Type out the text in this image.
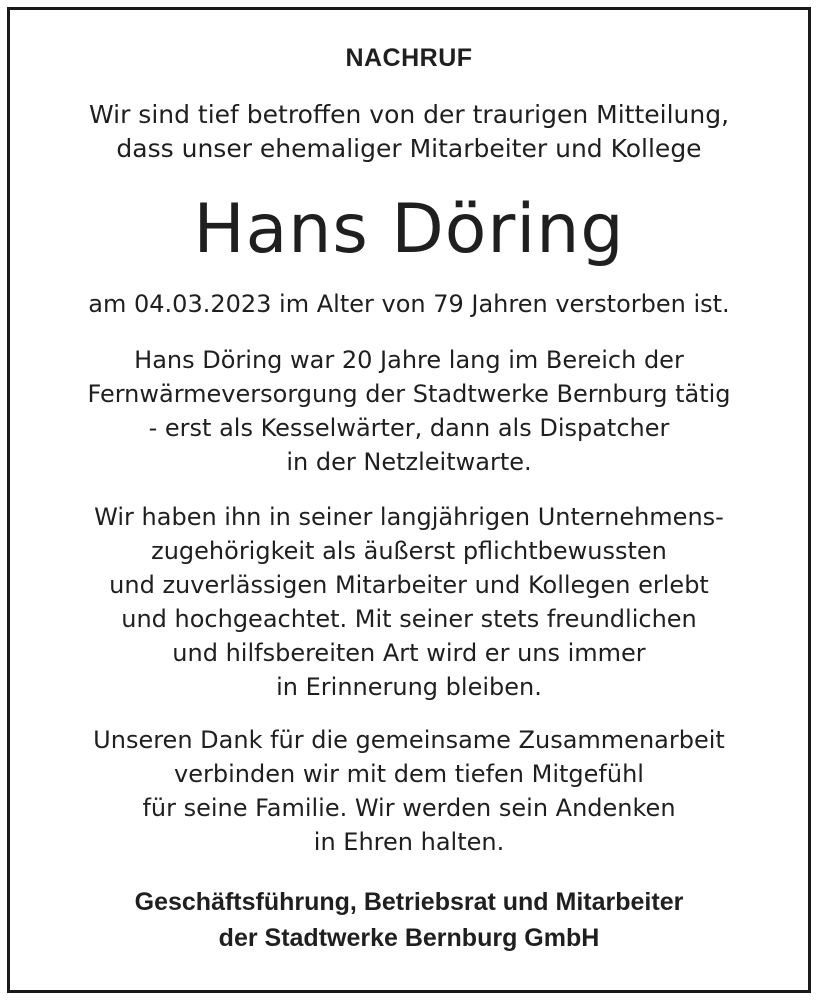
NACHRUF
Wir sind tief betroffen von der traurigen Mitteilung,
dass unser ehemaliger Mitarbeiter und Kollege
Hans Döring
am 04.03.2023 im Alter von 79 Jahren verstorben ist.
Hans Döring war 20 Jahre lang im Bereich der
Fernwärmeversorgung der Stadtwerke Bernburg tätig
- erst als Kesselwärter, dann als Dispatcher
in der Netzleitwarte.
Wir haben ihn in seiner langjährigen Unternehmens-
zugehörigkeit als äußerst pflichtbewussten
und zuverlässigen Mitarbeiter und Kollegen erlebt
und hochgeachtet. Mit seiner stets freundlichen
und hilfsbereiten Art wird er uns immer
in Erinnerung bleiben.
Unseren Dank für die gemeinsame Zusammenarbeit
verbinden wir mit dem tiefen Mitgefühl
für seine Familie. Wir werden sein Andenken
in Ehren halten.
Geschäftsführung, Betriebsrat und Mitarbeiter
der Stadtwerke Bernburg GmbH
